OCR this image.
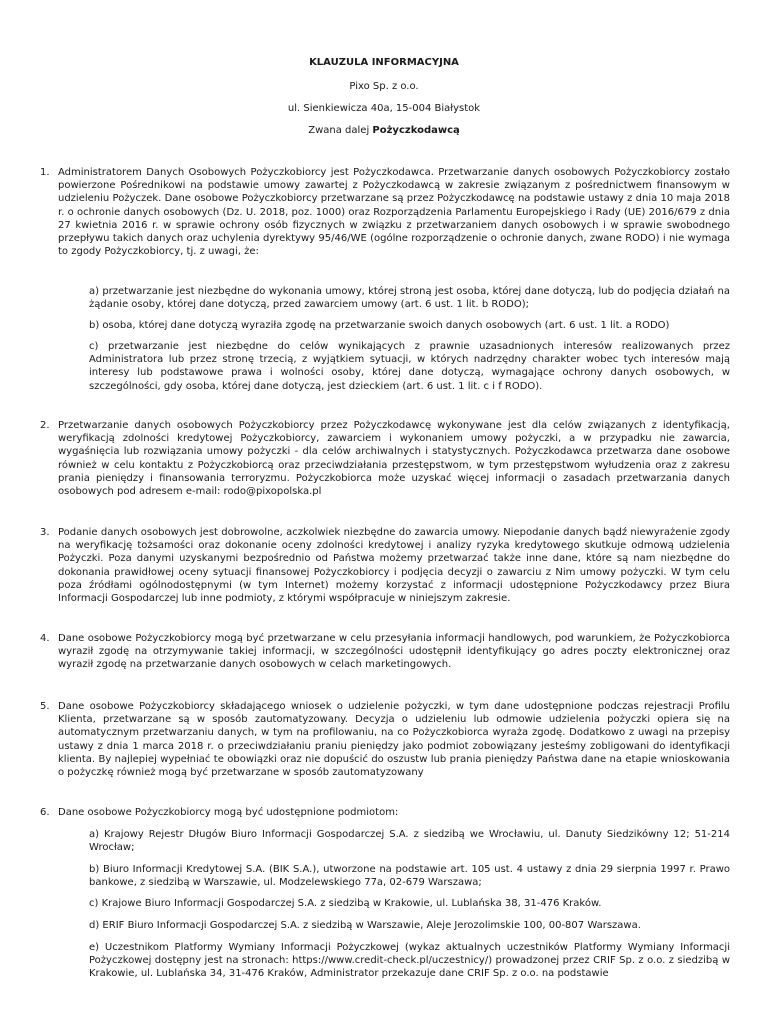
KLAUZULA INFORMACYJNA
Pixo Sp. z o.o.
ul. Sienkiewicza 40a, 15-004 Białystok
Zwana dalej Pożyczkodawcą
1. Administratorem Danych Osobowych Pożyczkobiorcy jest Pożyczkodawca. Przetwarzanie danych osobowych Pożyczkobiorcy zostało powierzone Pośrednikowi na podstawie umowy zawartej z Pożyczkodawcą w zakresie związanym z pośrednictwem finansowym w udzieleniu Pożyczek. Dane osobowe Pożyczkobiorcy przetwarzane są przez Pożyczkodawcę na podstawie ustawy z dnia 10 maja 2018 r. o ochronie danych osobowych (Dz. U. 2018, poz. 1000) oraz Rozporządzenia Parlamentu Europejskiego i Rady (UE) 2016/679 z dnia 27 kwietnia 2016 r. w sprawie ochrony osób fizycznych w związku z przetwarzaniem danych osobowych i w sprawie swobodnego przepływu takich danych oraz uchylenia dyrektywy 95/46/WE (ogólne rozporządzenie o ochronie danych, zwane RODO) i nie wymaga to zgody Pożyczkobiorcy, tj. z uwagi, że:
a) przetwarzanie jest niezbędne do wykonania umowy, której stroną jest osoba, której dane dotyczą, lub do podjęcia działań na żądanie osoby, której dane dotyczą, przed zawarciem umowy (art. 6 ust. 1 lit. b RODO);
b) osoba, której dane dotyczą wyraziła zgodę na przetwarzanie swoich danych osobowych (art. 6 ust. 1 lit. a RODO)
c) przetwarzanie jest niezbędne do celów wynikających z prawnie uzasadnionych interesów realizowanych przez Administratora lub przez stronę trzecią, z wyjątkiem sytuacji, w których nadrzędny charakter wobec tych interesów mają interesy lub podstawowe prawa i wolności osoby, której dane dotyczą, wymagające ochrony danych osobowych, w szczególności, gdy osoba, której dane dotyczą, jest dzieckiem (art. 6 ust. 1 lit. c i f RODO).
2. Przetwarzanie danych osobowych Pożyczkobiorcy przez Pożyczkodawcę wykonywane jest dla celów związanych z identyfikacją, weryfikacją zdolności kredytowej Pożyczkobiorcy, zawarciem i wykonaniem umowy pożyczki, a w przypadku nie zawarcia, wygaśnięcia lub rozwiązania umowy pożyczki - dla celów archiwalnych i statystycznych. Pożyczkodawca przetwarza dane osobowe również w celu kontaktu z Pożyczkobiorcą oraz przeciwdziałania przestępstwom, w tym przestępstwom wyłudzenia oraz z zakresu prania pieniędzy i finansowania terroryzmu. Pożyczkobiorca może uzyskać więcej informacji o zasadach przetwarzania danych osobowych pod adresem e-mail: rodo@pixopolska.pl
3. Podanie danych osobowych jest dobrowolne, aczkolwiek niezbędne do zawarcia umowy. Niepodanie danych bądź niewyrażenie zgody na weryfikację tożsamości oraz dokonanie oceny zdolności kredytowej i analizy ryzyka kredytowego skutkuje odmową udzielenia Pożyczki. Poza danymi uzyskanymi bezpośrednio od Państwa możemy przetwarzać także inne dane, które są nam niezbędne do dokonania prawidłowej oceny sytuacji finansowej Pożyczkobiorcy i podjęcia decyzji o zawarciu z Nim umowy pożyczki. W tym celu poza źródłami ogólnodostępnymi (w tym Internet) możemy korzystać z informacji udostępnione Pożyczkodawcy przez Biura Informacji Gospodarczej lub inne podmioty, z którymi współpracuje w niniejszym zakresie.
4. Dane osobowe Pożyczkobiorcy mogą być przetwarzane w celu przesyłania informacji handlowych, pod warunkiem, że Pożyczkobiorca wyraził zgodę na otrzymywanie takiej informacji, w szczególności udostępnił identyfikujący go adres poczty elektronicznej oraz wyraził zgodę na przetwarzanie danych osobowych w celach marketingowych.
5. Dane osobowe Pożyczkobiorcy składającego wniosek o udzielenie pożyczki, w tym dane udostępnione podczas rejestracji Profilu Klienta, przetwarzane są w sposób zautomatyzowany. Decyzja o udzieleniu lub odmowie udzielenia pożyczki opiera się na automatycznym przetwarzaniu danych, w tym na profilowaniu, na co Pożyczkobiorca wyraża zgodę. Dodatkowo z uwagi na przepisy ustawy z dnia 1 marca 2018 r. o przeciwdziałaniu praniu pieniędzy jako podmiot zobowiązany jesteśmy zobligowani do identyfikacji klienta. By najlepiej wypełniać te obowiązki oraz nie dopuścić do oszustw lub prania pieniędzy Państwa dane na etapie wnioskowania o pożyczkę również mogą być przetwarzane w sposób zautomatyzowany
6. Dane osobowe Pożyczkobiorcy mogą być udostępnione podmiotom:
a) Krajowy Rejestr Długów Biuro Informacji Gospodarczej S.A. z siedzibą we Wrocławiu, ul. Danuty Siedzikówny 12; 51-214 Wrocław;
b) Biuro Informacji Kredytowej S.A. (BIK S.A.), utworzone na podstawie art. 105 ust. 4 ustawy z dnia 29 sierpnia 1997 r. Prawo bankowe, z siedzibą w Warszawie, ul. Modzelewskiego 77a, 02-679 Warszawa;
c) Krajowe Biuro Informacji Gospodarczej S.A. z siedzibą w Krakowie, ul. Lublańska 38, 31-476 Kraków.
d) ERIF Biuro Informacji Gospodarczej S.A. z siedzibą w Warszawie, Aleje Jerozolimskie 100, 00-807 Warszawa.
e) Uczestnikom Platformy Wymiany Informacji Pożyczkowej (wykaz aktualnych uczestników Platformy Wymiany Informacji Pożyczkowej dostępny jest na stronach: https://www.credit-check.pl/uczestnicy/) prowadzonej przez CRIF Sp. z o.o. z siedzibą w Krakowie, ul. Lublańska 34, 31-476 Kraków, Administrator przekazuje dane CRIF Sp. z o.o. na podstawie
